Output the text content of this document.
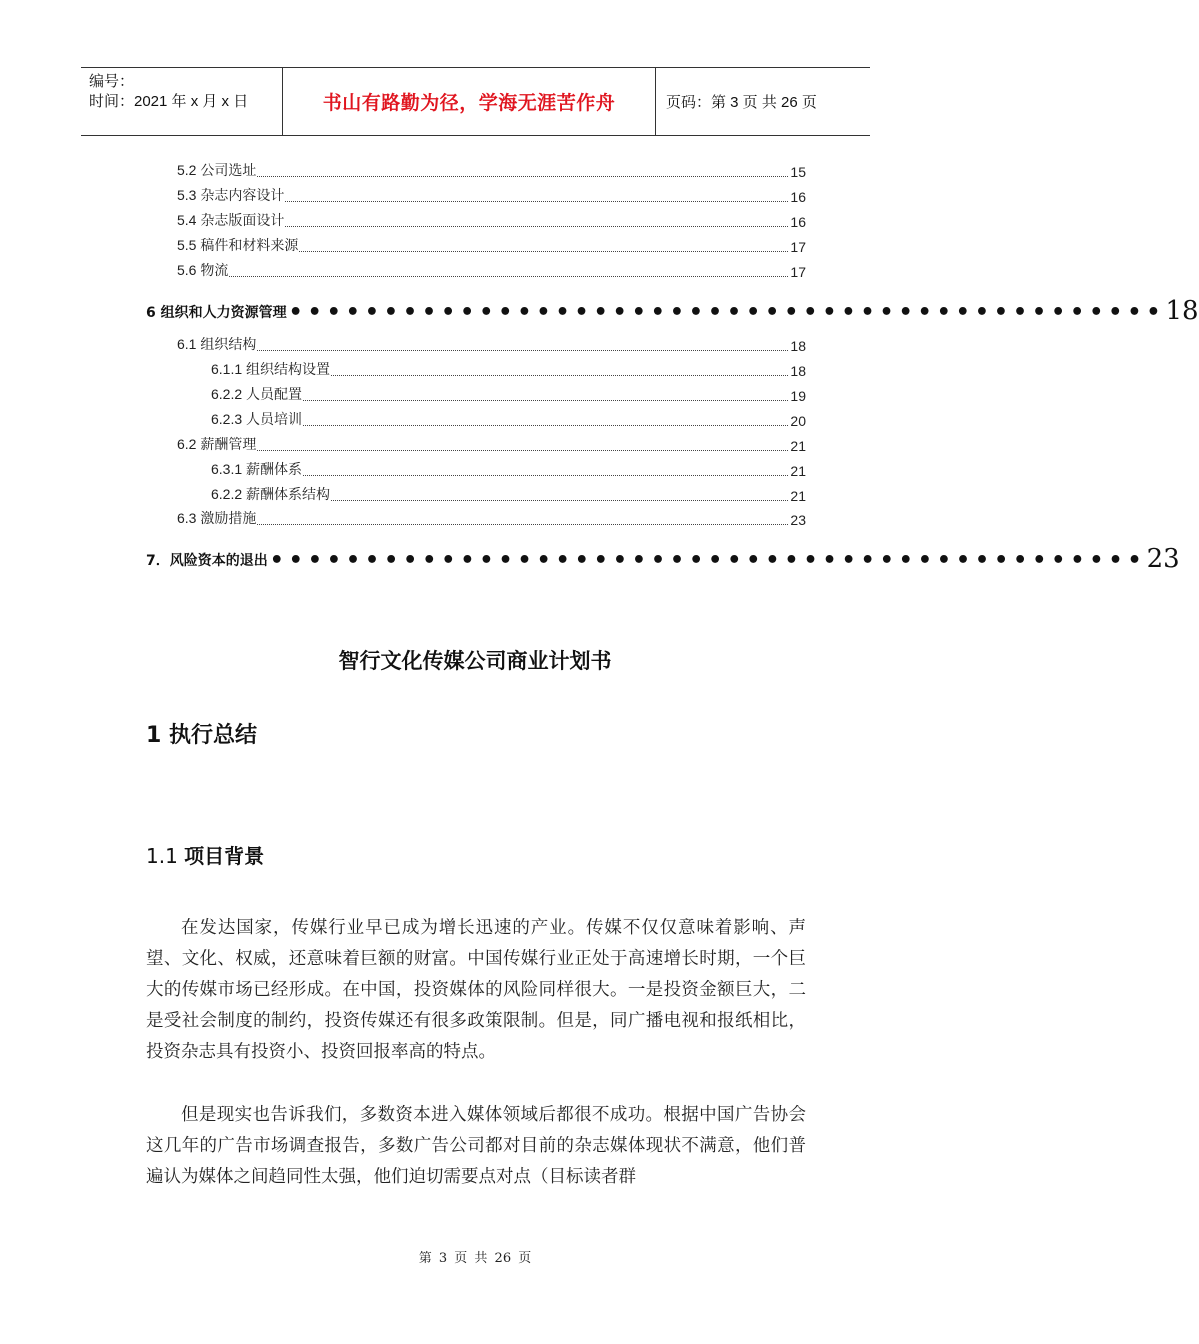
编号：
时间：2021 年 x 月 x 日	书山有路勤为径，学海无涯苦作舟	页码：第 3 页 共 26 页
5.2 公司选址	15
5.3 杂志内容设计	16
5.4 杂志版面设计	16
5.5 稿件和材料来源	17
5.6 物流	17
6 组织和人力资源管理 •••••••••••••••••••••••••••••••••••••••••••••• 18
6.1 组织结构	18
6.1.1 组织结构设置	18
6.2.2 人员配置	19
6.2.3 人员培训	20
6.2 薪酬管理	21
6.3.1 薪酬体系	21
6.2.2 薪酬体系结构	21
6.3 激励措施	23
7．风险资本的退出 •••••••••••••••••••••••••••••••••••••••••••••• 23
智行文化传媒公司商业计划书
1 执行总结
1.1 项目背景

在发达国家，传媒行业早已成为增长迅速的产业。传媒不仅仅意味着影响、声望、文化、权威，还意味着巨额的财富。中国传媒行业正处于高速增长时期，一个巨大的传媒市场已经形成。在中国，投资媒体的风险同样很大。一是投资金额巨大，二是受社会制度的制约，投资传媒还有很多政策限制。但是，同广播电视和报纸相比，投资杂志具有投资小、投资回报率高的特点。

但是现实也告诉我们，多数资本进入媒体领域后都很不成功。根据中国广告协会这几年的广告市场调查报告，多数广告公司都对目前的杂志媒体现状不满意，他们普遍认为媒体之间趋同性太强，他们迫切需要点对点（目标读者群

第 3 页 共 26 页
